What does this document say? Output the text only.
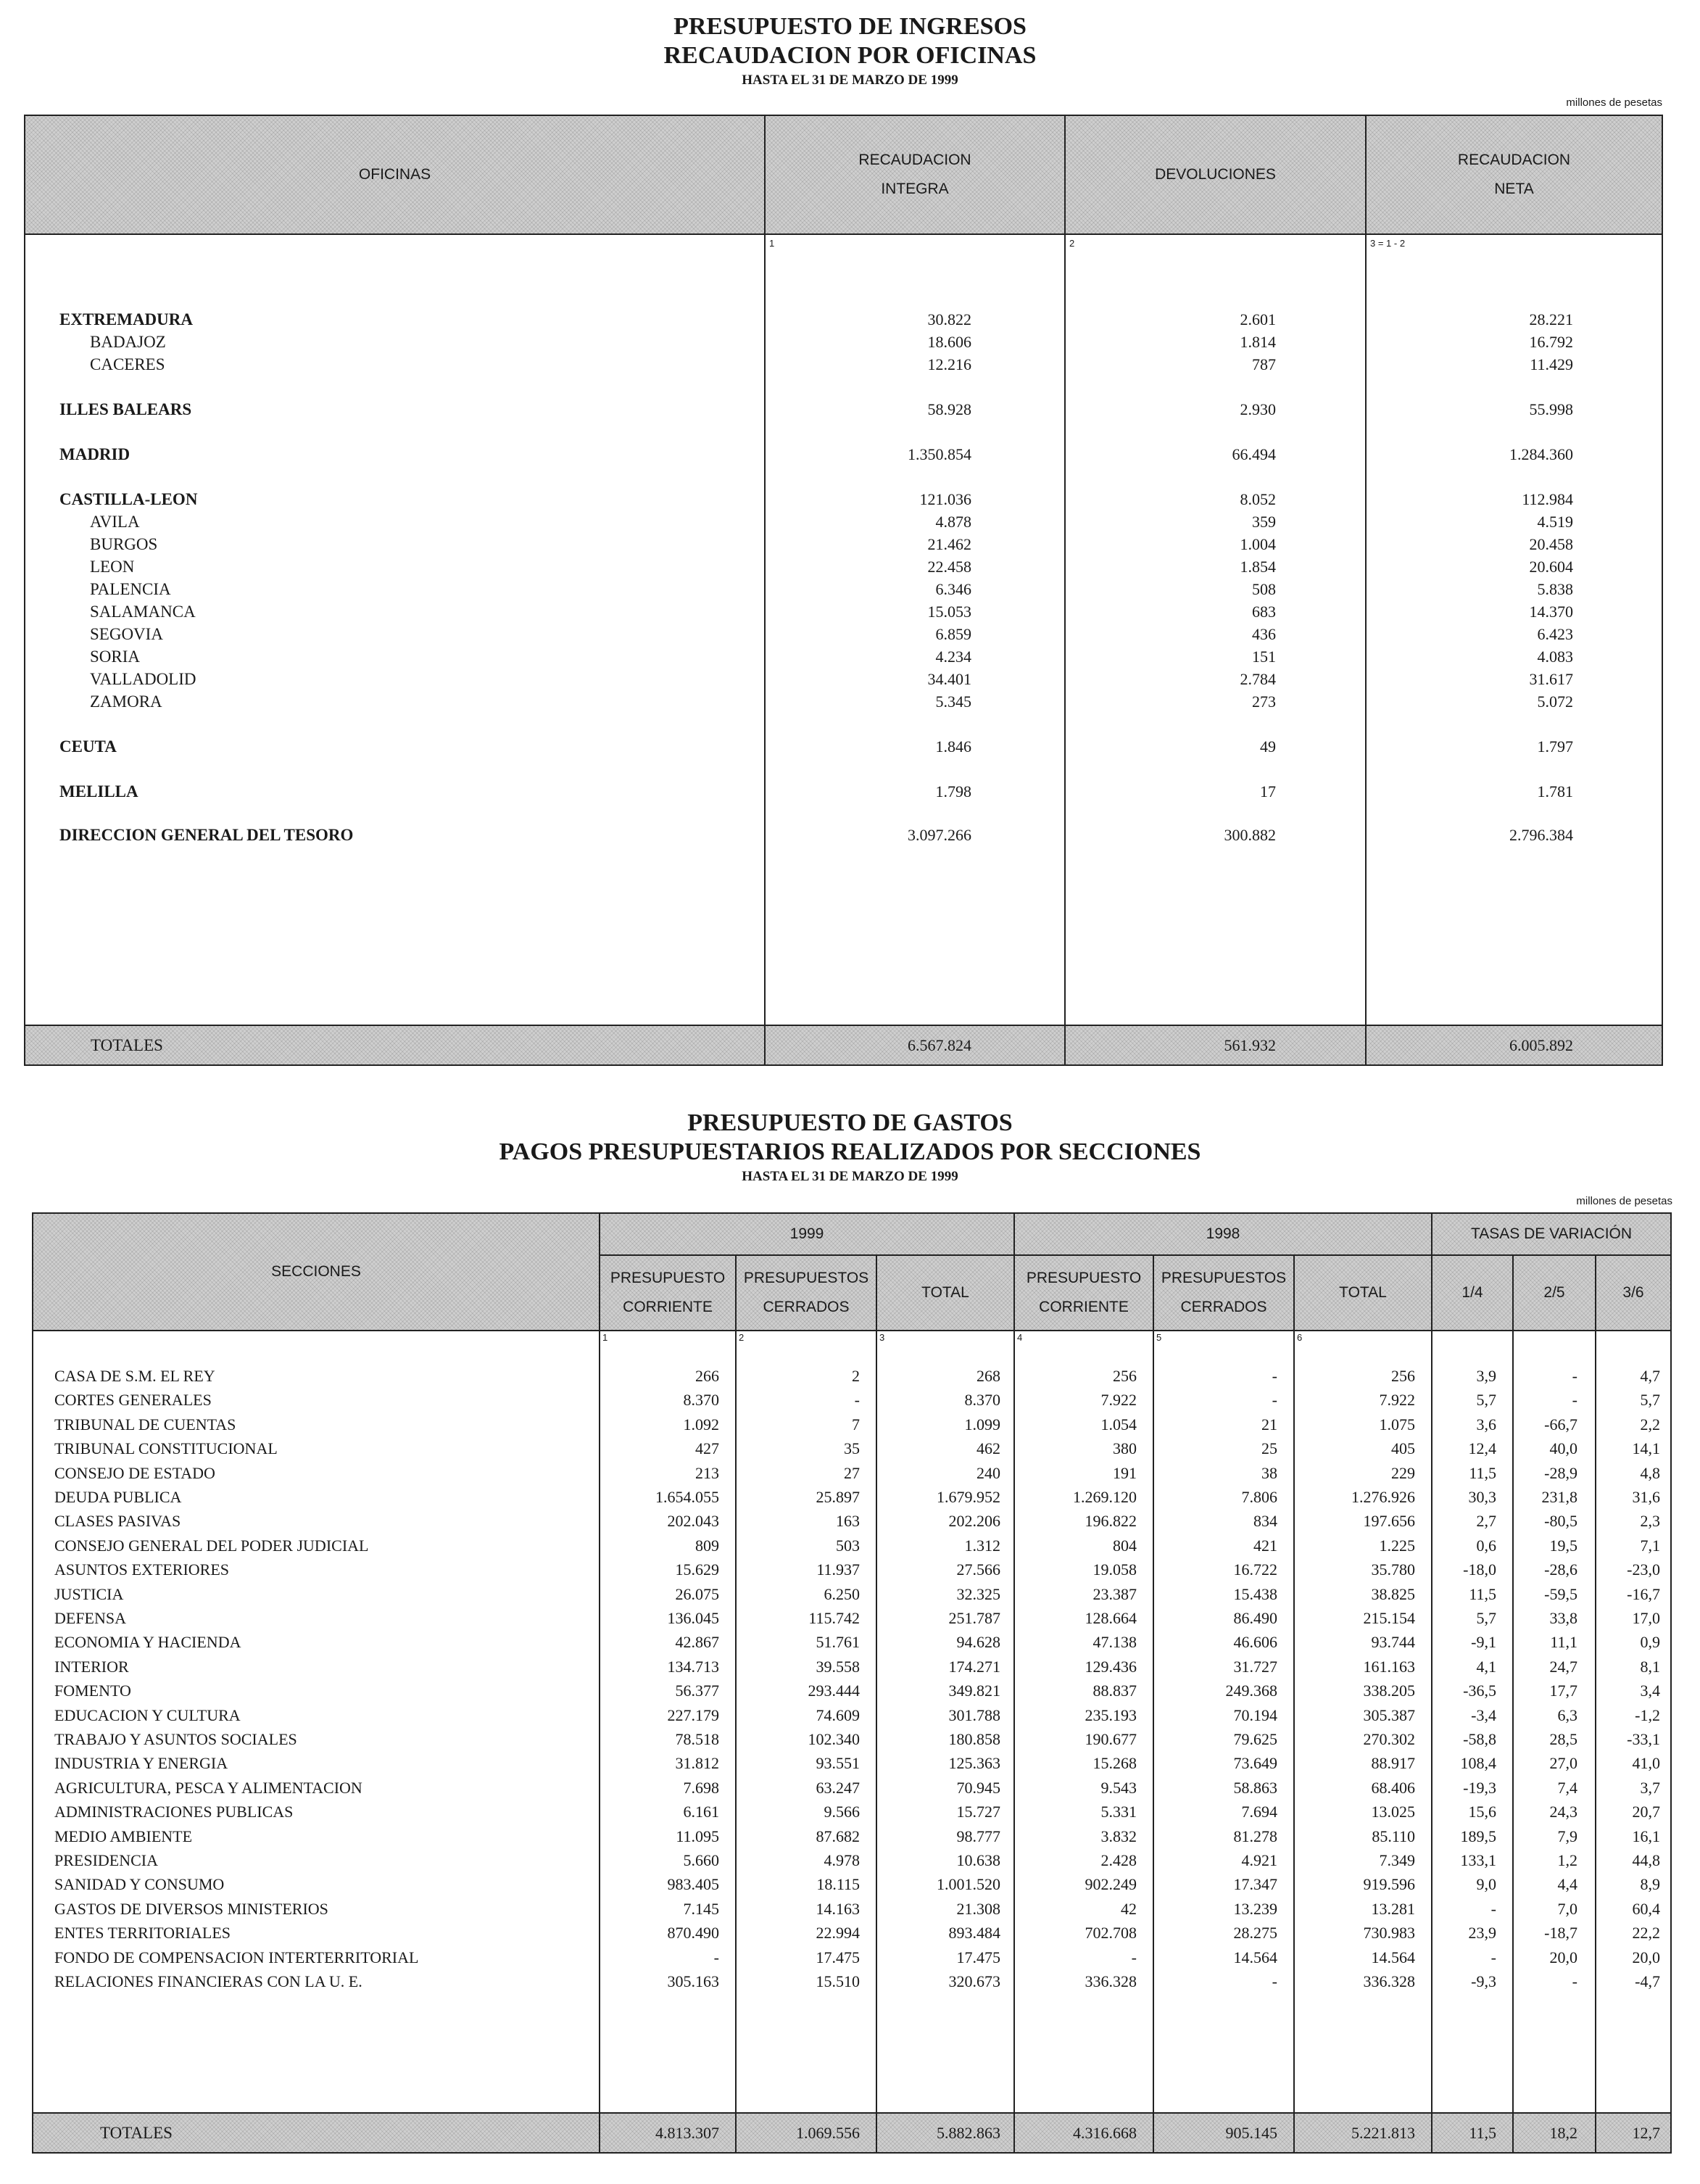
PRESUPUESTO DE INGRESOS
RECAUDACION POR OFICINAS
HASTA EL 31 DE MARZO DE 1999
millones de pesetas
OFICINAS
RECAUDACION
INTEGRA
DEVOLUCIONES
RECAUDACION
NETA
1	2	3 = 1 - 2
EXTREMADURA	30.822	2.601	28.221
BADAJOZ	18.606	1.814	16.792
CACERES	12.216	787	11.429
ILLES BALEARS	58.928	2.930	55.998
MADRID	1.350.854	66.494	1.284.360
CASTILLA-LEON	121.036	8.052	112.984
AVILA	4.878	359	4.519
BURGOS	21.462	1.004	20.458
LEON	22.458	1.854	20.604
PALENCIA	6.346	508	5.838
SALAMANCA	15.053	683	14.370
SEGOVIA	6.859	436	6.423
SORIA	4.234	151	4.083
VALLADOLID	34.401	2.784	31.617
ZAMORA	5.345	273	5.072
CEUTA	1.846	49	1.797
MELILLA	1.798	17	1.781
DIRECCION GENERAL DEL TESORO	3.097.266	300.882	2.796.384
TOTALES	6.567.824	561.932	6.005.892
PRESUPUESTO DE GASTOS
PAGOS PRESUPUESTARIOS REALIZADOS POR SECCIONES
HASTA EL 31 DE MARZO DE 1999
millones de pesetas
SECCIONES
1999	1998	TASAS DE VARIACIÓN
PRESUPUESTO
CORRIENTE
PRESUPUESTOS
CERRADOS
TOTAL
PRESUPUESTO
CORRIENTE
PRESUPUESTOS
CERRADOS
TOTAL	1/4	2/5	3/6
1	2	3	4	5	6
CASA DE S.M. EL REY	266	2	268	256	-	256	3,9	-	4,7
CORTES GENERALES	8.370	-	8.370	7.922	-	7.922	5,7	-	5,7
TRIBUNAL DE CUENTAS	1.092	7	1.099	1.054	21	1.075	3,6	-66,7	2,2
TRIBUNAL CONSTITUCIONAL	427	35	462	380	25	405	12,4	40,0	14,1
CONSEJO DE ESTADO	213	27	240	191	38	229	11,5	-28,9	4,8
DEUDA PUBLICA	1.654.055	25.897	1.679.952	1.269.120	7.806	1.276.926	30,3	231,8	31,6
CLASES PASIVAS	202.043	163	202.206	196.822	834	197.656	2,7	-80,5	2,3
CONSEJO GENERAL DEL PODER JUDICIAL	809	503	1.312	804	421	1.225	0,6	19,5	7,1
ASUNTOS EXTERIORES	15.629	11.937	27.566	19.058	16.722	35.780	-18,0	-28,6	-23,0
JUSTICIA	26.075	6.250	32.325	23.387	15.438	38.825	11,5	-59,5	-16,7
DEFENSA	136.045	115.742	251.787	128.664	86.490	215.154	5,7	33,8	17,0
ECONOMIA Y HACIENDA	42.867	51.761	94.628	47.138	46.606	93.744	-9,1	11,1	0,9
INTERIOR	134.713	39.558	174.271	129.436	31.727	161.163	4,1	24,7	8,1
FOMENTO	56.377	293.444	349.821	88.837	249.368	338.205	-36,5	17,7	3,4
EDUCACION Y CULTURA	227.179	74.609	301.788	235.193	70.194	305.387	-3,4	6,3	-1,2
TRABAJO Y ASUNTOS SOCIALES	78.518	102.340	180.858	190.677	79.625	270.302	-58,8	28,5	-33,1
INDUSTRIA Y ENERGIA	31.812	93.551	125.363	15.268	73.649	88.917	108,4	27,0	41,0
AGRICULTURA, PESCA Y ALIMENTACION	7.698	63.247	70.945	9.543	58.863	68.406	-19,3	7,4	3,7
ADMINISTRACIONES PUBLICAS	6.161	9.566	15.727	5.331	7.694	13.025	15,6	24,3	20,7
MEDIO AMBIENTE	11.095	87.682	98.777	3.832	81.278	85.110	189,5	7,9	16,1
PRESIDENCIA	5.660	4.978	10.638	2.428	4.921	7.349	133,1	1,2	44,8
SANIDAD Y CONSUMO	983.405	18.115	1.001.520	902.249	17.347	919.596	9,0	4,4	8,9
GASTOS DE DIVERSOS MINISTERIOS	7.145	14.163	21.308	42	13.239	13.281	-	7,0	60,4
ENTES TERRITORIALES	870.490	22.994	893.484	702.708	28.275	730.983	23,9	-18,7	22,2
FONDO DE COMPENSACION INTERTERRITORIAL	-	17.475	17.475	-	14.564	14.564	-	20,0	20,0
RELACIONES FINANCIERAS CON LA U. E.	305.163	15.510	320.673	336.328	-	336.328	-9,3	-	-4,7
TOTALES	4.813.307	1.069.556	5.882.863	4.316.668	905.145	5.221.813	11,5	18,2	12,7
